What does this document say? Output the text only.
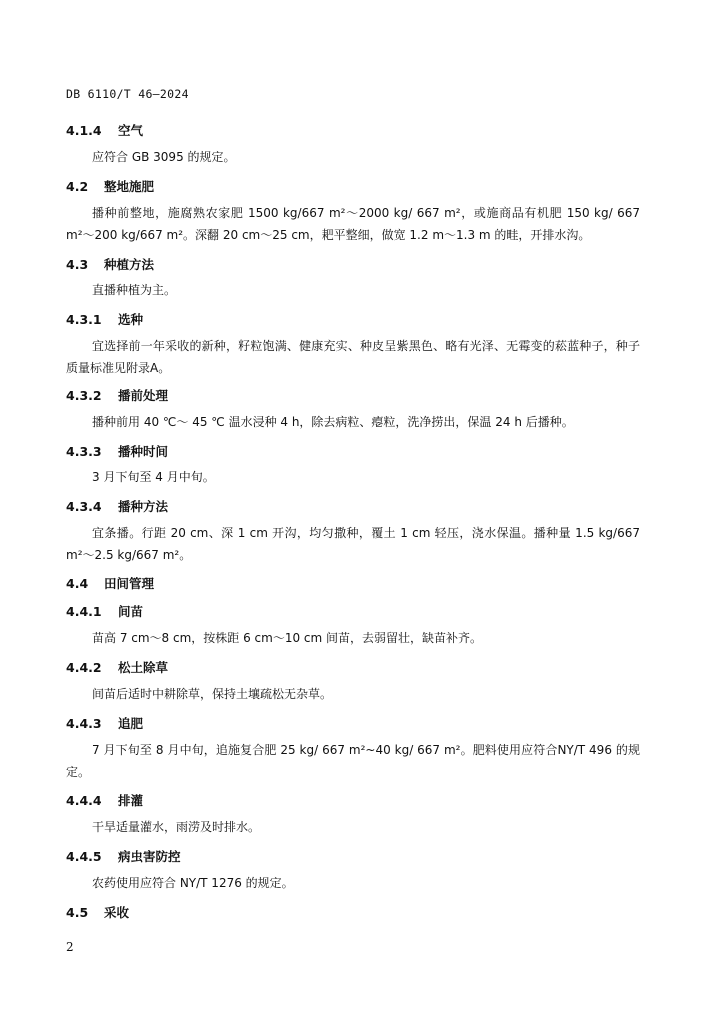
DB 6110/T 46—2024
4.1.4 空气

应符合 GB 3095 的规定。

4.2 整地施肥

播种前整地，施腐熟农家肥 1500 kg/667 m²～2000 kg/ 667 m²，或施商品有机肥 150 kg/ 667 m²～200 kg/667 m²。深翻 20 cm～25 cm，耙平整细，做宽 1.2 m～1.3 m 的畦，开排水沟。

4.3 种植方法

直播种植为主。

4.3.1 选种

宜选择前一年采收的新种，籽粒饱满、健康充实、种皮呈紫黑色、略有光泽、无霉变的菘蓝种子，种子质量标准见附录A。

4.3.2 播前处理

播种前用 40 ℃～ 45 ℃ 温水浸种 4 h，除去病粒、瘪粒，洗净捞出，保温 24 h 后播种。

4.3.3 播种时间

3 月下旬至 4 月中旬。

4.3.4 播种方法

宜条播。行距 20 cm、深 1 cm 开沟，均匀撒种，覆土 1 cm 轻压，浇水保温。播种量 1.5 kg/667 m²～2.5 kg/667 m²。

4.4 田间管理
4.4.1 间苗

苗高 7 cm～8 cm，按株距 6 cm～10 cm 间苗，去弱留壮，缺苗补齐。

4.4.2 松土除草

间苗后适时中耕除草，保持土壤疏松无杂草。

4.4.3 追肥

7 月下旬至 8 月中旬，追施复合肥 25 kg/ 667 m²~40 kg/ 667 m²。肥料使用应符合NY/T 496 的规定。

4.4.4 排灌

干旱适量灌水，雨涝及时排水。

4.4.5 病虫害防控

农药使用应符合 NY/T 1276 的规定。

4.5 采收
2
